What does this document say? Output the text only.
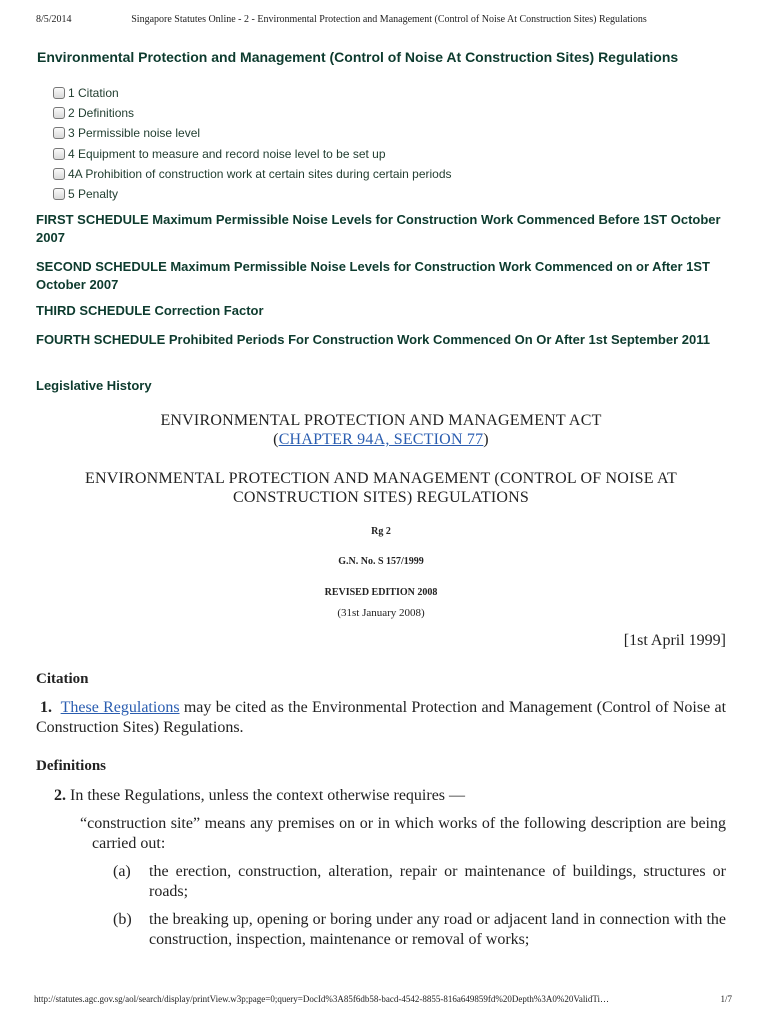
8/5/2014	Singapore Statutes Online - 2 - Environmental Protection and Management (Control of Noise At Construction Sites) Regulations
Environmental Protection and Management (Control of Noise At Construction Sites) Regulations
1 Citation
2 Definitions
3 Permissible noise level
4 Equipment to measure and record noise level to be set up
4A Prohibition of construction work at certain sites during certain periods
5 Penalty
FIRST SCHEDULE Maximum Permissible Noise Levels for Construction Work Commenced Before 1ST October 2007
SECOND SCHEDULE Maximum Permissible Noise Levels for Construction Work Commenced on or After 1ST October 2007
THIRD SCHEDULE Correction Factor
FOURTH SCHEDULE Prohibited Periods For Construction Work Commenced On Or After 1st September 2011
Legislative History
ENVIRONMENTAL PROTECTION AND MANAGEMENT ACT
(CHAPTER 94A, SECTION 77)
ENVIRONMENTAL PROTECTION AND MANAGEMENT (CONTROL OF NOISE AT CONSTRUCTION SITES) REGULATIONS
Rg 2
G.N. No. S 157/1999
REVISED EDITION 2008
(31st January 2008)
[1st April 1999]
Citation
1. These Regulations may be cited as the Environmental Protection and Management (Control of Noise at Construction Sites) Regulations.
Definitions
2. In these Regulations, unless the context otherwise requires —
“construction site” means any premises on or in which works of the following description are being carried out:
(a)	the erection, construction, alteration, repair or maintenance of buildings, structures or roads;
(b)	the breaking up, opening or boring under any road or adjacent land in connection with the construction, inspection, maintenance or removal of works;
http://statutes.agc.gov.sg/aol/search/display/printView.w3p;page=0;query=DocId%3A85f6db58-bacd-4542-8855-816a649859fd%20Depth%3A0%20ValidTi…	1/7
